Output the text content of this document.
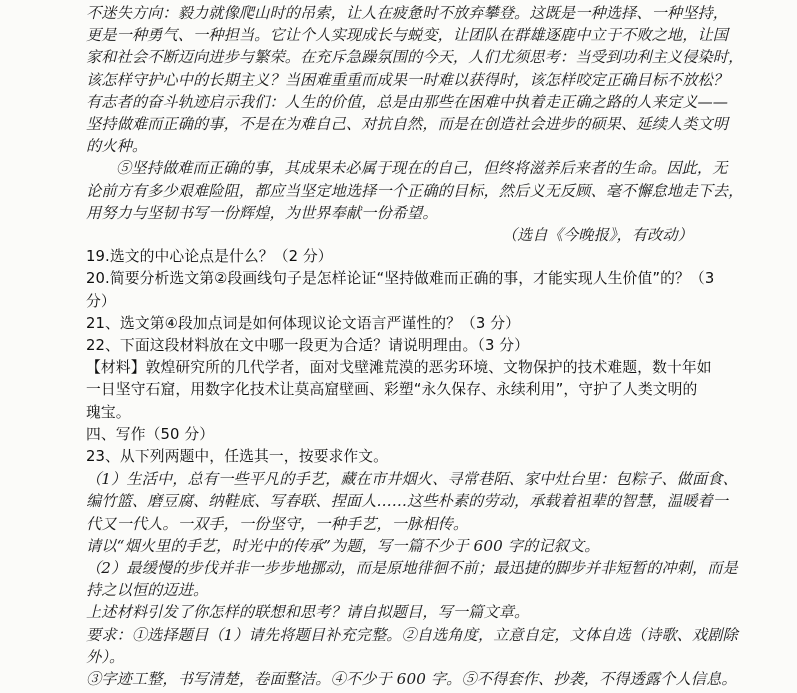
不迷失方向：毅力就像爬山时的吊索，让人在疲惫时不放弃攀登。这既是一种选择、一种坚持，
更是一种勇气、一种担当。它让个人实现成长与蜕变，让团队在群雄逐鹿中立于不败之地，让国
家和社会不断迈向进步与繁荣。在充斥急躁氛围的今天，人们尤须思考：当受到功利主义侵染时，
该怎样守护心中的长期主义？当困难重重而成果一时难以获得时，该怎样咬定正确目标不放松？
有志者的奋斗轨迹启示我们：人生的价值，总是由那些在困难中执着走正确之路的人来定义——
坚持做难而正确的事，不是在为难自己、对抗自然，而是在创造社会进步的硕果、延续人类文明
的火种。
⑤坚持做难而正确的事，其成果未必属于现在的自己，但终将滋养后来者的生命。因此，无
论前方有多少艰难险阻，都应当坚定地选择一个正确的目标，然后义无反顾、毫不懈怠地走下去，
用努力与坚韧书写一份辉煌，为世界奉献一份希望。
（选自《今晚报》，有改动）
19.选文的中心论点是什么？（2 分）
20.简要分析选文第②段画线句子是怎样论证“坚持做难而正确的事，才能实现人生价值”的？（3
分）
21、选文第④段加点词是如何体现议论文语言严谨性的？（3 分）
22、下面这段材料放在文中哪一段更为合适？请说明理由。（3 分）
【材料】敦煌研究所的几代学者，面对戈壁滩荒漠的恶劣环境、文物保护的技术难题，数十年如
一日坚守石窟，用数字化技术让莫高窟壁画、彩塑“永久保存、永续利用”，守护了人类文明的
瑰宝。
四、写作（50 分）
23、从下列两题中，任选其一，按要求作文。
（1）生活中，总有一些平凡的手艺，藏在市井烟火、寻常巷陌、家中灶台里：包粽子、做面食、
编竹篮、磨豆腐、纳鞋底、写春联、捏面人……这些朴素的劳动，承载着祖辈的智慧，温暖着一
代又一代人。一双手，一份坚守，一种手艺，一脉相传。
请以“烟火里的手艺，时光中的传承”为题，写一篇不少于 600 字的记叙文。
（2）最缓慢的步伐并非一步步地挪动，而是原地徘徊不前；最迅捷的脚步并非短暂的冲刺，而是
持之以恒的迈进。
上述材料引发了你怎样的联想和思考？请自拟题目，写一篇文章。
要求：①选择题目（1）请先将题目补充完整。②自选角度，立意自定，文体自选（诗歌、戏剧除
外）。
③字迹工整，书写清楚，卷面整洁。④不少于 600 字。⑤不得套作、抄袭，不得透露个人信息。
